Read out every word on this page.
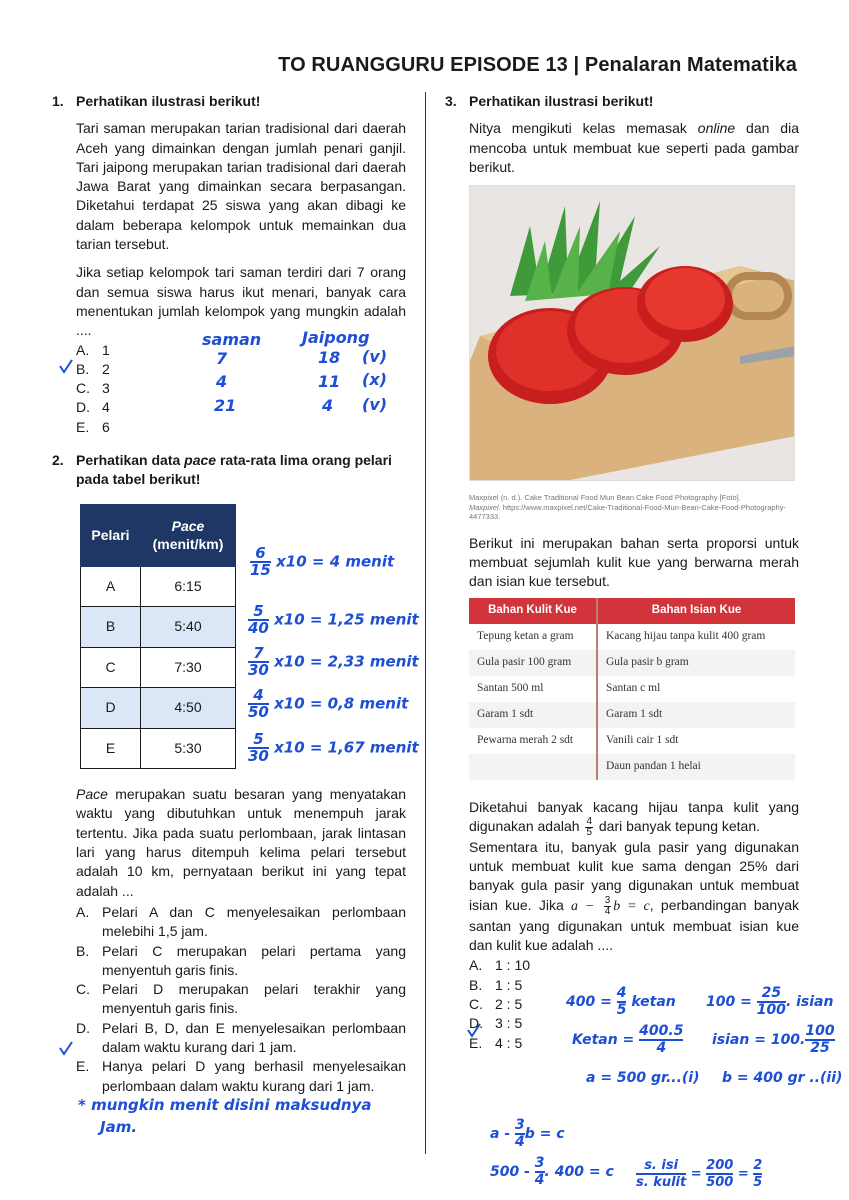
TO RUANGGURU EPISODE 13 | Penalaran Matematika
1. Perhatikan ilustrasi berikut!

Tari saman merupakan tarian tradisional dari daerah Aceh yang dimainkan dengan jumlah penari ganjil. Tari jaipong merupakan tarian tradisional dari daerah Jawa Barat yang dimainkan secara berpasangan. Diketahui terdapat 25 siswa yang akan dibagi ke dalam beberapa kelompok untuk memainkan dua tarian tersebut.

Jika setiap kelompok tari saman terdiri dari 7 orang dan semua siswa harus ikut menari, banyak cara menentukan jumlah kelompok yang mungkin adalah ....

A. 1
B. 2
C. 3
D. 4
E. 6
2. Perhatikan data pace rata-rata lima orang pelari pada tabel berikut!
Pelari	Pace
(menit/km)
A	6:15
B	5:40
C	7:30
D	4:50
E	5:30

Pace merupakan suatu besaran yang menyatakan waktu yang dibutuhkan untuk menempuh jarak tertentu. Jika pada suatu perlombaan, jarak lintasan lari yang harus ditempuh kelima pelari tersebut adalah 10 km, pernyataan berikut ini yang tepat adalah ...

A. Pelari A dan C menyelesaikan perlombaan melebihi 1,5 jam.
B. Pelari C merupakan pelari pertama yang menyentuh garis finis.
C. Pelari D merupakan pelari terakhir yang menyentuh garis finis.
D. Pelari B, D, dan E menyelesaikan perlombaan dalam waktu kurang dari 1 jam.
E. Hanya pelari D yang berhasil menyelesaikan perlombaan dalam waktu kurang dari 1 jam.
3. Perhatikan ilustrasi berikut!

Nitya mengikuti kelas memasak online dan dia mencoba untuk membuat kue seperti pada gambar berikut.

Maxpixel (n. d.). Cake Traditional Food Mun Bean Cake Food Photography [Foto].
Maxpixel. https://www.maxpixel.net/Cake-Traditional-Food-Mun-Bean-Cake-Food-Photography-4477333.

Berikut ini merupakan bahan serta proporsi untuk membuat sejumlah kulit kue yang berwarna merah dan isian kue tersebut.

Bahan Kulit Kue	Bahan Isian Kue
Tepung ketan a gram	Kacang hijau tanpa kulit 400 gram
Gula pasir 100 gram	Gula pasir b gram
Santan 500 ml	Santan c ml
Garam 1 sdt	Garam 1 sdt
Pewarna merah 2 sdt	Vanili cair 1 sdt
	Daun pandan 1 helai

Diketahui banyak kacang hijau tanpa kulit yang digunakan adalah $\frac{4}{5}$ dari banyak tepung ketan.

Sementara itu, banyak gula pasir yang digunakan untuk membuat kulit kue sama dengan 25% dari banyak gula pasir yang digunakan untuk membuat isian kue. Jika $a - \frac{3}{4}$ b = c, perbandingan banyak santan yang digunakan untuk membuat isian kue dan kulit kue adalah ....

A. 1 : 10
B. 1 : 5
C. 2 : 5
D. 3 : 5
E. 4 : 5
saman	Jaipong
7	18 (v)
4	11 (x)
21	4 (v)
$\frac{6}{15} x10 = 4$ menit
$\frac{5}{40} x10 = 1,25$ menit
$\frac{7}{30} x10 = 2,33$ menit
$\frac{4}{50} x10 = 0,8$ menit
$\frac{5}{30} x10 = 1,67$ menit
* mungkin menit disini maksudnya
Jam.
$400 = \frac{4}{5}$ ketan $100 = \frac{25}{100}$ . isian
$Ketan = \frac{400.5}{4}$ isian = 100. $\frac{100}{25}$
a = 500 gr...(i) b = 400 gr ..(ii)
a - $\frac{3}{4}$ b = c
$500 - \frac{3}{4}$ . 400 = c $\frac{\text{s. isi}}{\text{s. kulit}} = \frac{200}{500} = \frac{2}{5}$
